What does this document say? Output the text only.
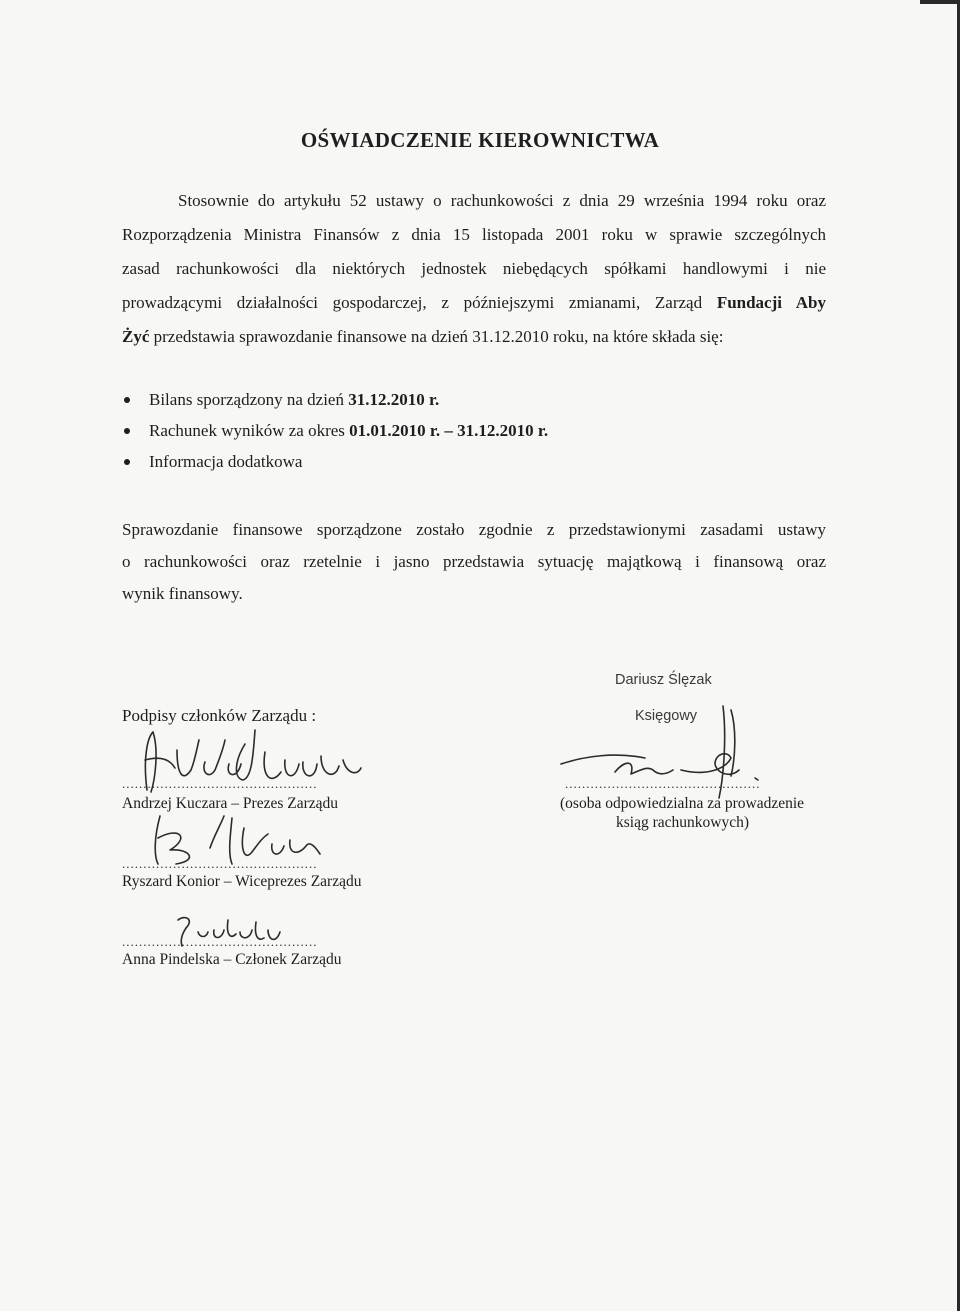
OŚWIADCZENIE KIEROWNICTWA
Stosownie do artykułu 52 ustawy o rachunkowości z dnia 29 września 1994 roku oraz
Rozporządzenia Ministra Finansów z dnia 15 listopada 2001 roku w sprawie szczególnych
zasad rachunkowości dla niektórych jednostek niebędących spółkami handlowymi i nie
prowadzącymi działalności gospodarczej, z późniejszymi zmianami, Zarząd Fundacji Aby
Żyć przedstawia sprawozdanie finansowe na dzień 31.12.2010 roku, na które składa się:
Bilans sporządzony na dzień 31.12.2010 r.
Rachunek wyników za okres 01.01.2010 r. – 31.12.2010 r.
Informacja dodatkowa
Sprawozdanie finansowe sporządzone zostało zgodnie z przedstawionymi zasadami ustawy
o rachunkowości oraz rzetelnie i jasno przedstawia sytuację majątkową i finansową oraz
wynik finansowy.
Dariusz Ślęzak
Księgowy
Podpisy członków Zarządu :
..............................................
Andrzej Kuczara – Prezes Zarządu
..............................................
Ryszard Konior – Wiceprezes Zarządu
..............................................
Anna Pindelska – Członek Zarządu
..............................................
(osoba odpowiedzialna za prowadzenie
ksiąg rachunkowych)
